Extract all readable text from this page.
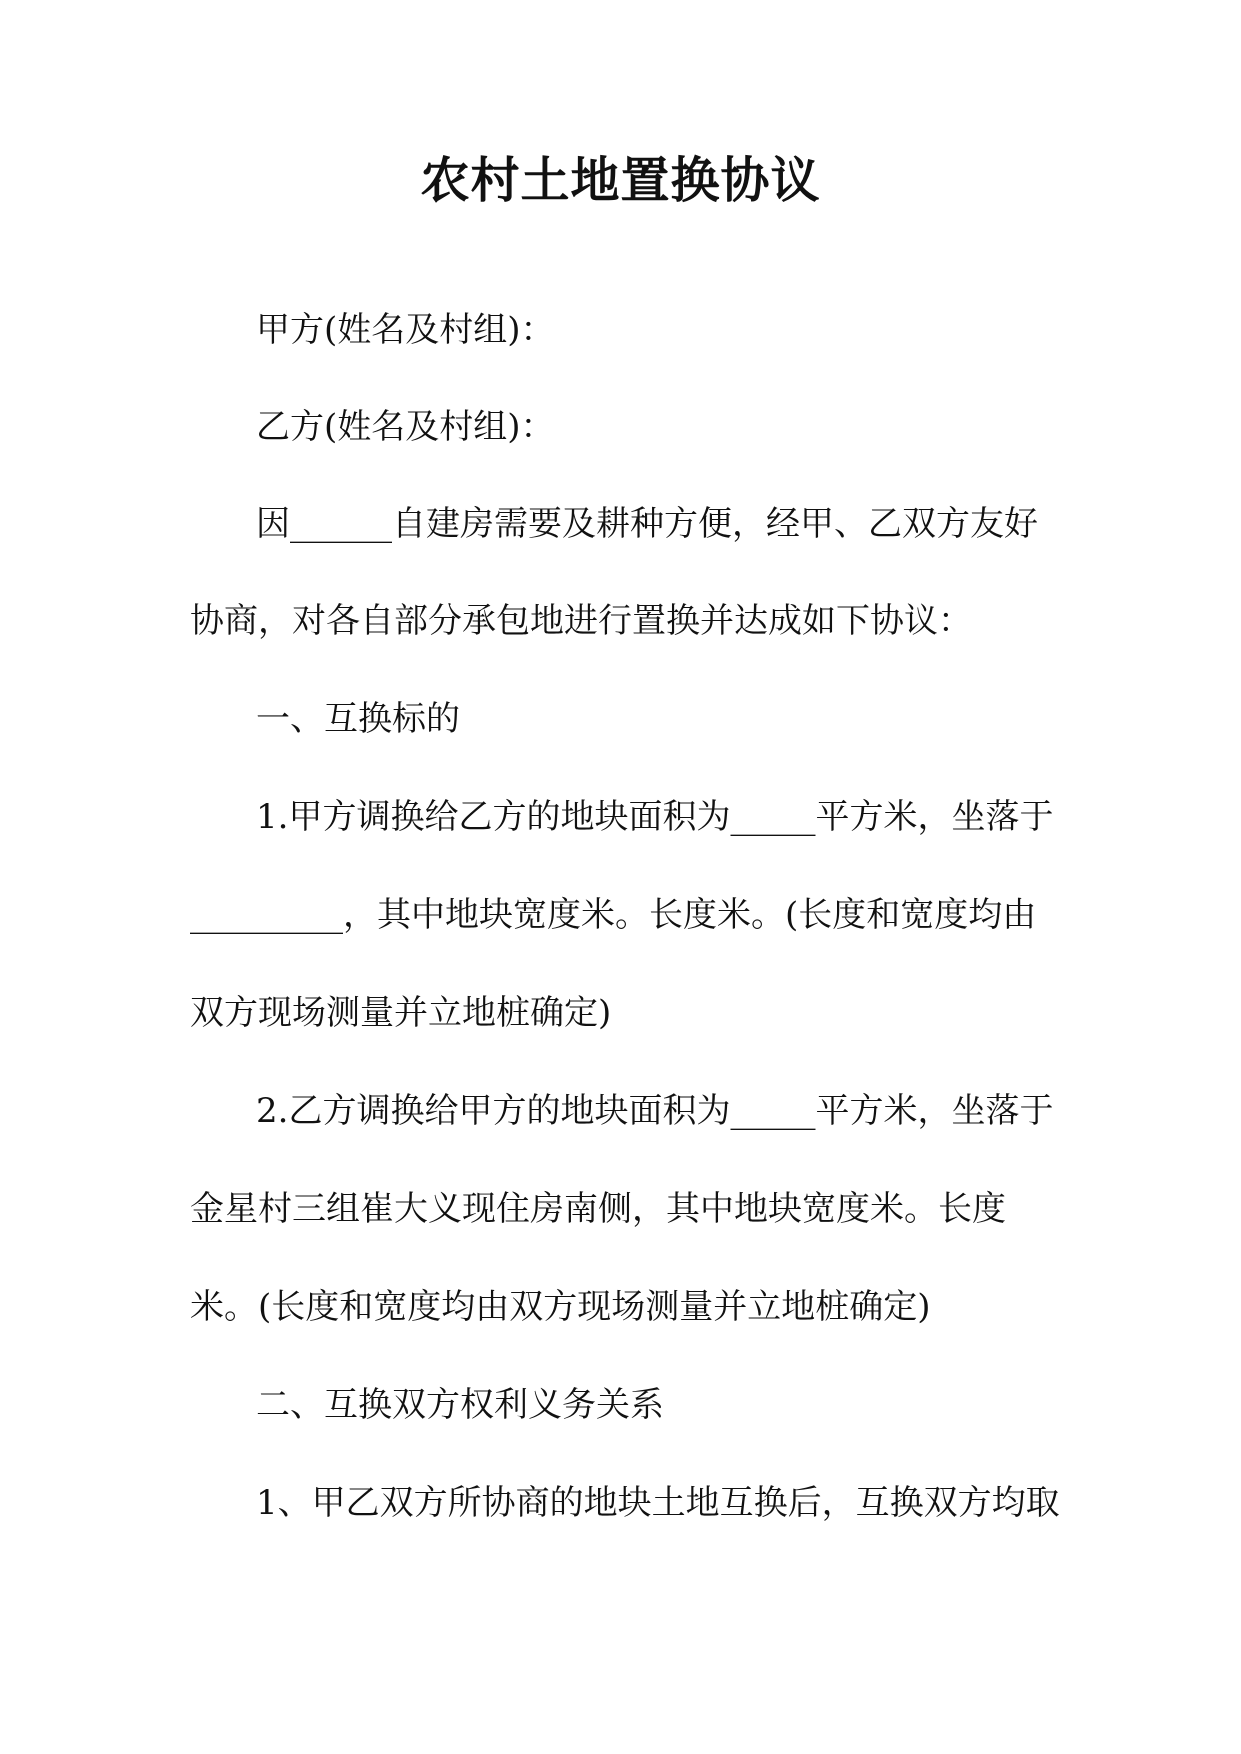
农村土地置换协议
甲方(姓名及村组)：
乙方(姓名及村组)：
因______自建房需要及耕种方便，经甲、乙双方友好
协商，对各自部分承包地进行置换并达成如下协议：
一、互换标的
1.甲方调换给乙方的地块面积为_____平方米，坐落于
_________，其中地块宽度米。长度米。(长度和宽度均由
双方现场测量并立地桩确定)
2.乙方调换给甲方的地块面积为_____平方米，坐落于
金星村三组崔大义现住房南侧，其中地块宽度米。长度
米。(长度和宽度均由双方现场测量并立地桩确定)
二、互换双方权利义务关系
1、甲乙双方所协商的地块土地互换后，互换双方均取
